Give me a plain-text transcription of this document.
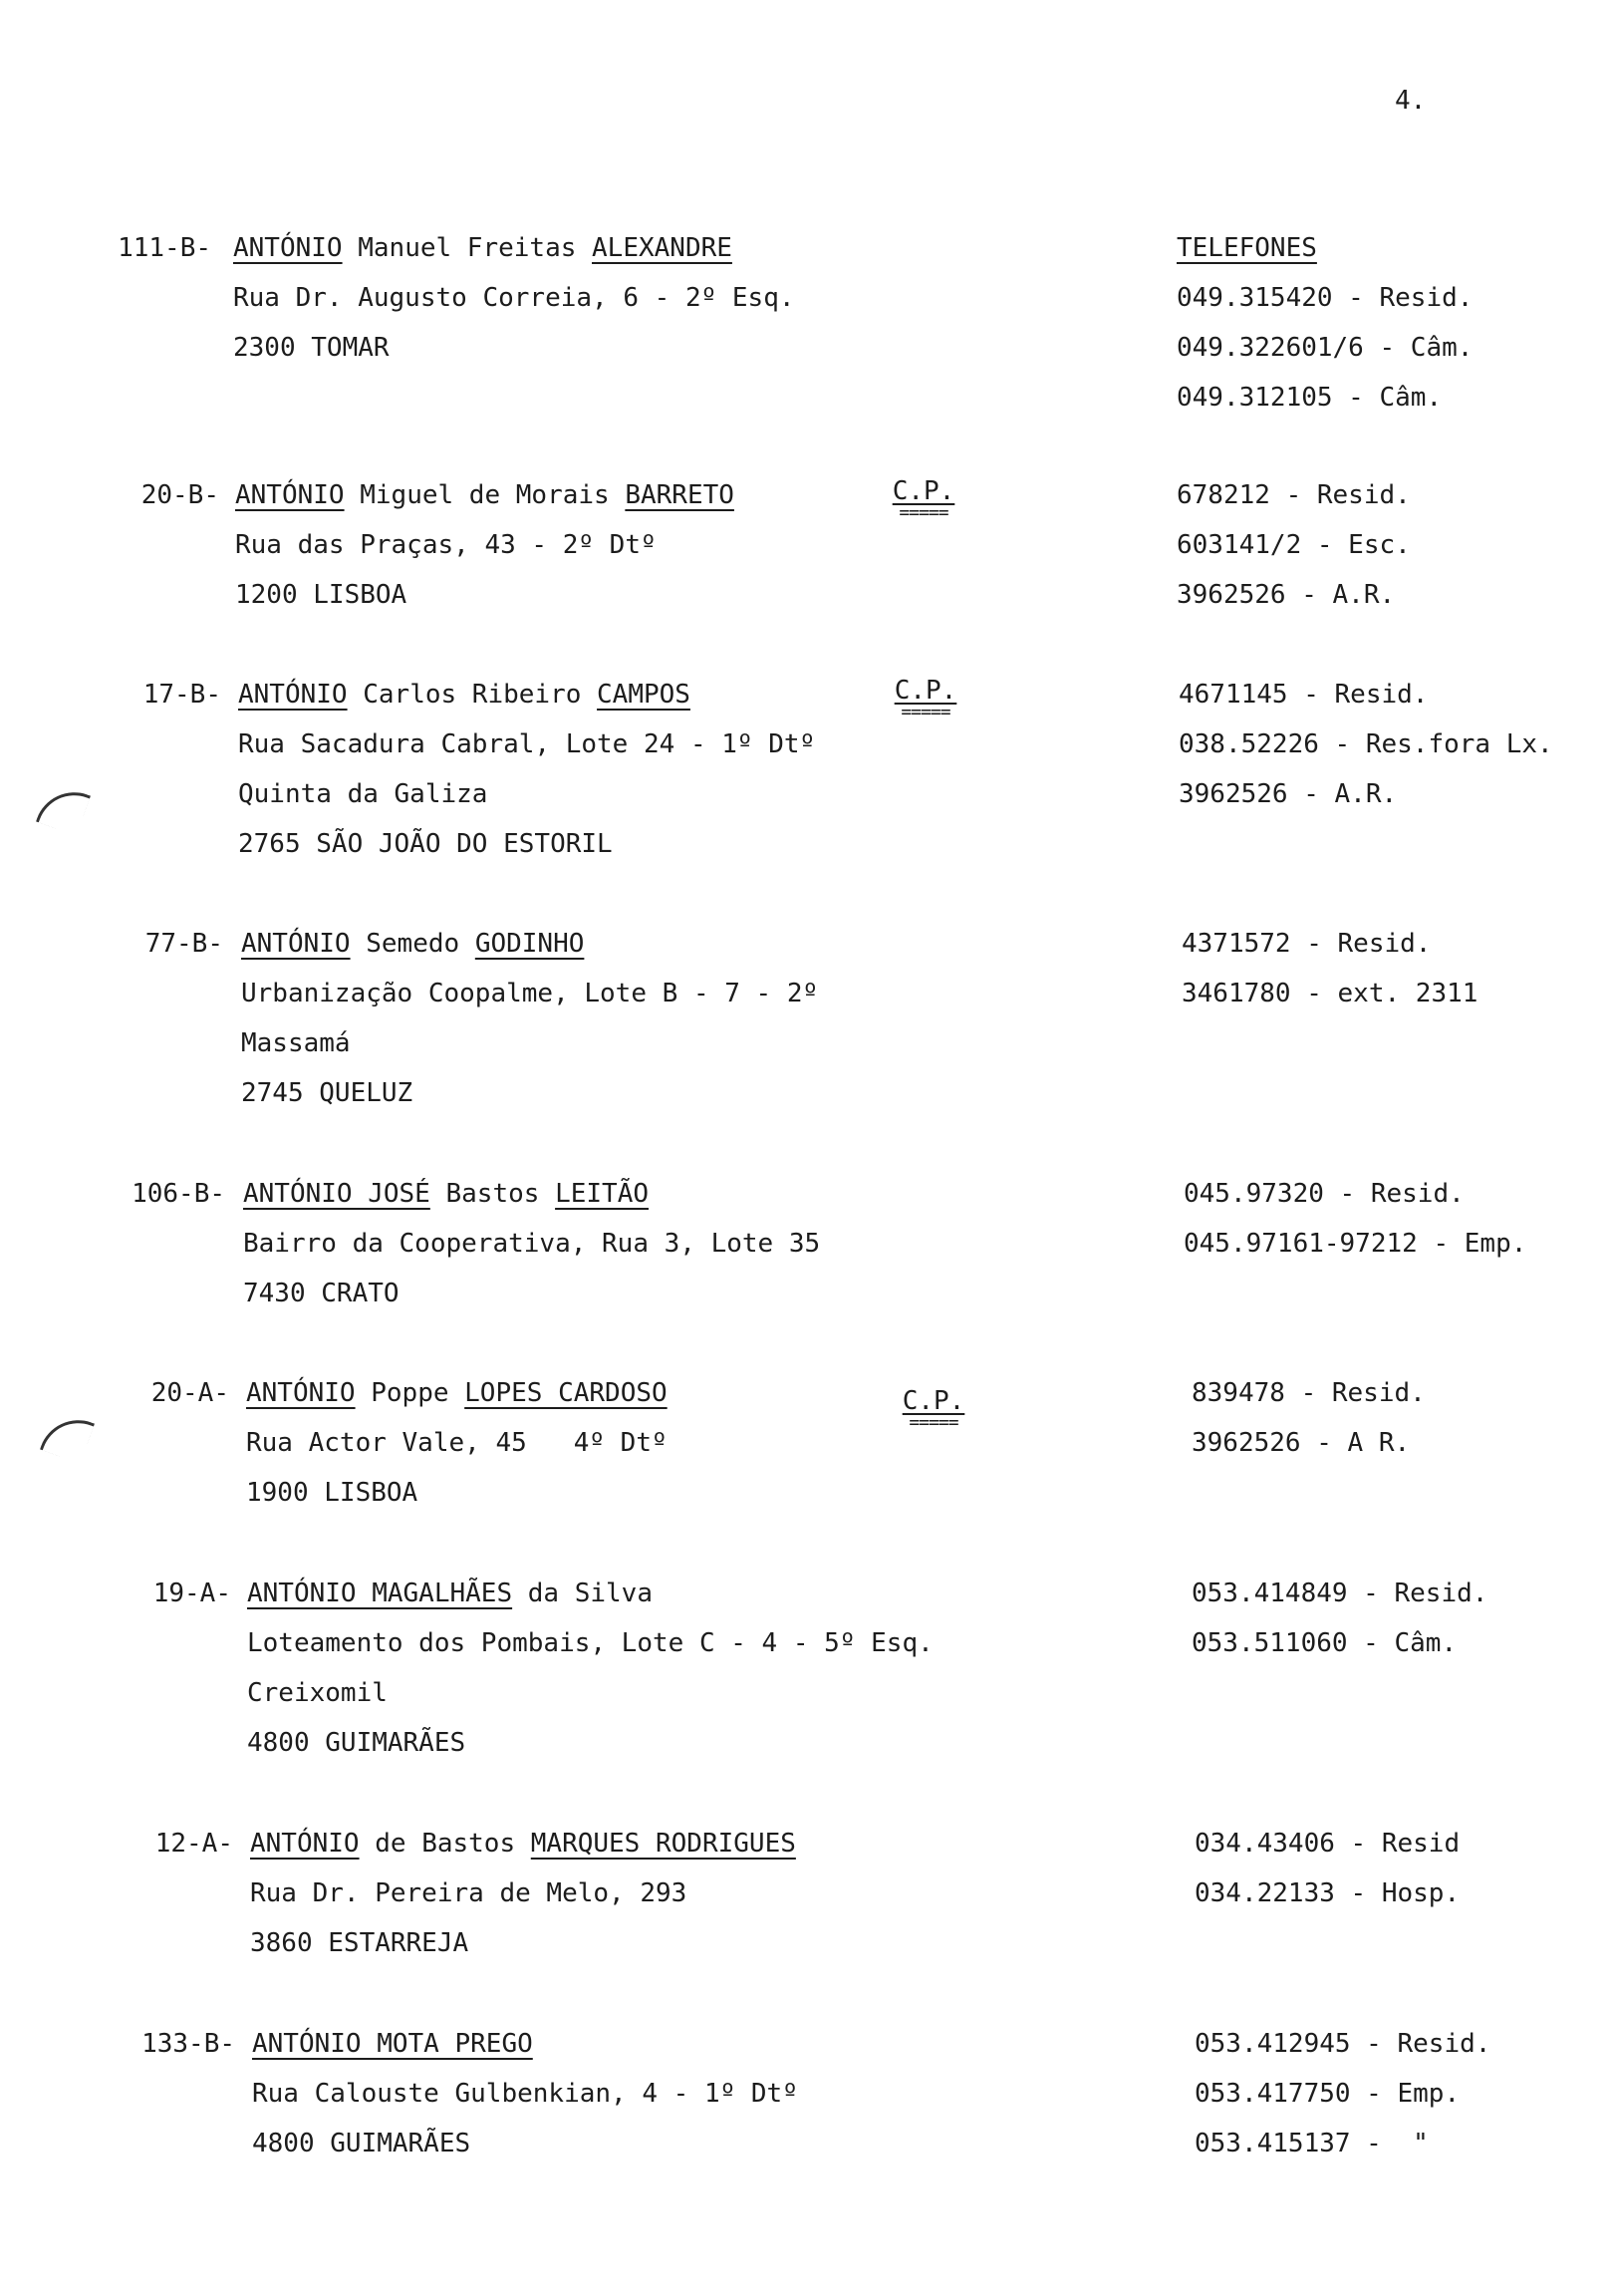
4.
TELEFONES
111-B- ANTÓNIO Manuel Freitas ALEXANDRE
Rua Dr. Augusto Correia, 6 - 2º Esq.
2300 TOMAR
049.315420 - Resid.
049.322601/6 - Câm.
049.312105 - Câm.
20-B- ANTÓNIO Miguel de Morais BARRETO
Rua das Praças, 43 - 2º Dtº
1200 LISBOA
C.P.
=====
678212 - Resid.
603141/2 - Esc.
3962526 - A.R.
17-B- ANTÓNIO Carlos Ribeiro CAMPOS
Rua Sacadura Cabral, Lote 24 - 1º Dtº
Quinta da Galiza
2765 SÃO JOÃO DO ESTORIL
C.P.
=====
4671145 - Resid.
038.52226 - Res.fora Lx.
3962526 - A.R.
77-B- ANTÓNIO Semedo GODINHO
Urbanização Coopalme, Lote B - 7 - 2º
Massamá
2745 QUELUZ
4371572 - Resid.
3461780 - ext. 2311
106-B- ANTÓNIO JOSÉ Bastos LEITÃO
Bairro da Cooperativa, Rua 3, Lote 35
7430 CRATO
045.97320 - Resid.
045.97161-97212 - Emp.
20-A- ANTÓNIO Poppe LOPES CARDOSO
Rua Actor Vale, 45   4º Dtº
1900 LISBOA
C.P.
=====
839478 - Resid.
3962526 - A R.
19-A- ANTÓNIO MAGALHÃES da Silva
Loteamento dos Pombais, Lote C - 4 - 5º Esq.
Creixomil
4800 GUIMARÃES
053.414849 - Resid.
053.511060 - Câm.
12-A- ANTÓNIO de Bastos MARQUES RODRIGUES
Rua Dr. Pereira de Melo, 293
3860 ESTARREJA
034.43406 - Resid
034.22133 - Hosp.
133-B- ANTÓNIO MOTA PREGO
Rua Calouste Gulbenkian, 4 - 1º Dtº
4800 GUIMARÃES
053.412945 - Resid.
053.417750 - Emp.
053.415137 -  "
